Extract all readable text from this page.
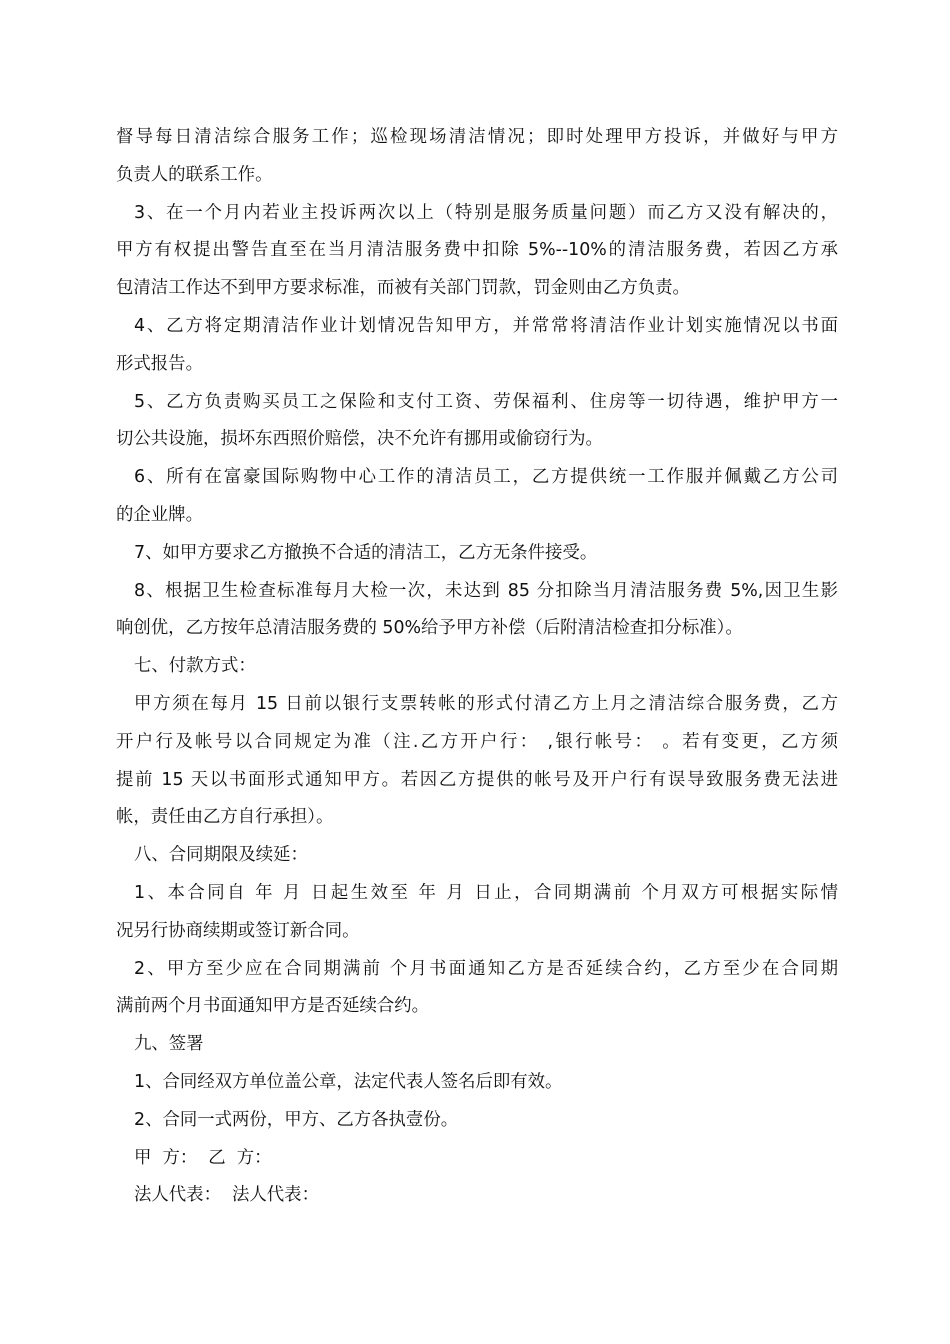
督导每日清洁综合服务工作；巡检现场清洁情况；即时处理甲方投诉，并做好与甲方
负责人的联系工作。
3、在一个月内若业主投诉两次以上（特别是服务质量问题）而乙方又没有解决的，
甲方有权提出警告直至在当月清洁服务费中扣除 5%--10%的清洁服务费，若因乙方承
包清洁工作达不到甲方要求标准，而被有关部门罚款，罚金则由乙方负责。
4、乙方将定期清洁作业计划情况告知甲方，并常常将清洁作业计划实施情况以书面
形式报告。
5、乙方负责购买员工之保险和支付工资、劳保福利、住房等一切待遇，维护甲方一
切公共设施，损坏东西照价赔偿，决不允许有挪用或偷窃行为。
6、所有在富豪国际购物中心工作的清洁员工，乙方提供统一工作服并佩戴乙方公司
的企业牌。
7、如甲方要求乙方撤换不合适的清洁工，乙方无条件接受。
8、根据卫生检查标准每月大检一次，未达到 85 分扣除当月清洁服务费 5%,因卫生影
响创优，乙方按年总清洁服务费的 50%给予甲方补偿（后附清洁检查扣分标准）。
七、付款方式：
甲方须在每月 15 日前以银行支票转帐的形式付清乙方上月之清洁综合服务费，乙方
开户行及帐号以合同规定为准（注.乙方开户行： ,银行帐号： 。若有变更，乙方须
提前 15 天以书面形式通知甲方。若因乙方提供的帐号及开户行有误导致服务费无法进
帐，责任由乙方自行承担）。
八、合同期限及续延：
1、本合同自 年 月 日起生效至 年 月 日止，合同期满前 个月双方可根据实际情
况另行协商续期或签订新合同。
2、甲方至少应在合同期满前 个月书面通知乙方是否延续合约，乙方至少在合同期
满前两个月书面通知甲方是否延续合约。
九、签署
1、合同经双方单位盖公章，法定代表人签名后即有效。
2、合同一式两份，甲方、乙方各执壹份。
甲  方：  乙  方：
法人代表：  法人代表：
